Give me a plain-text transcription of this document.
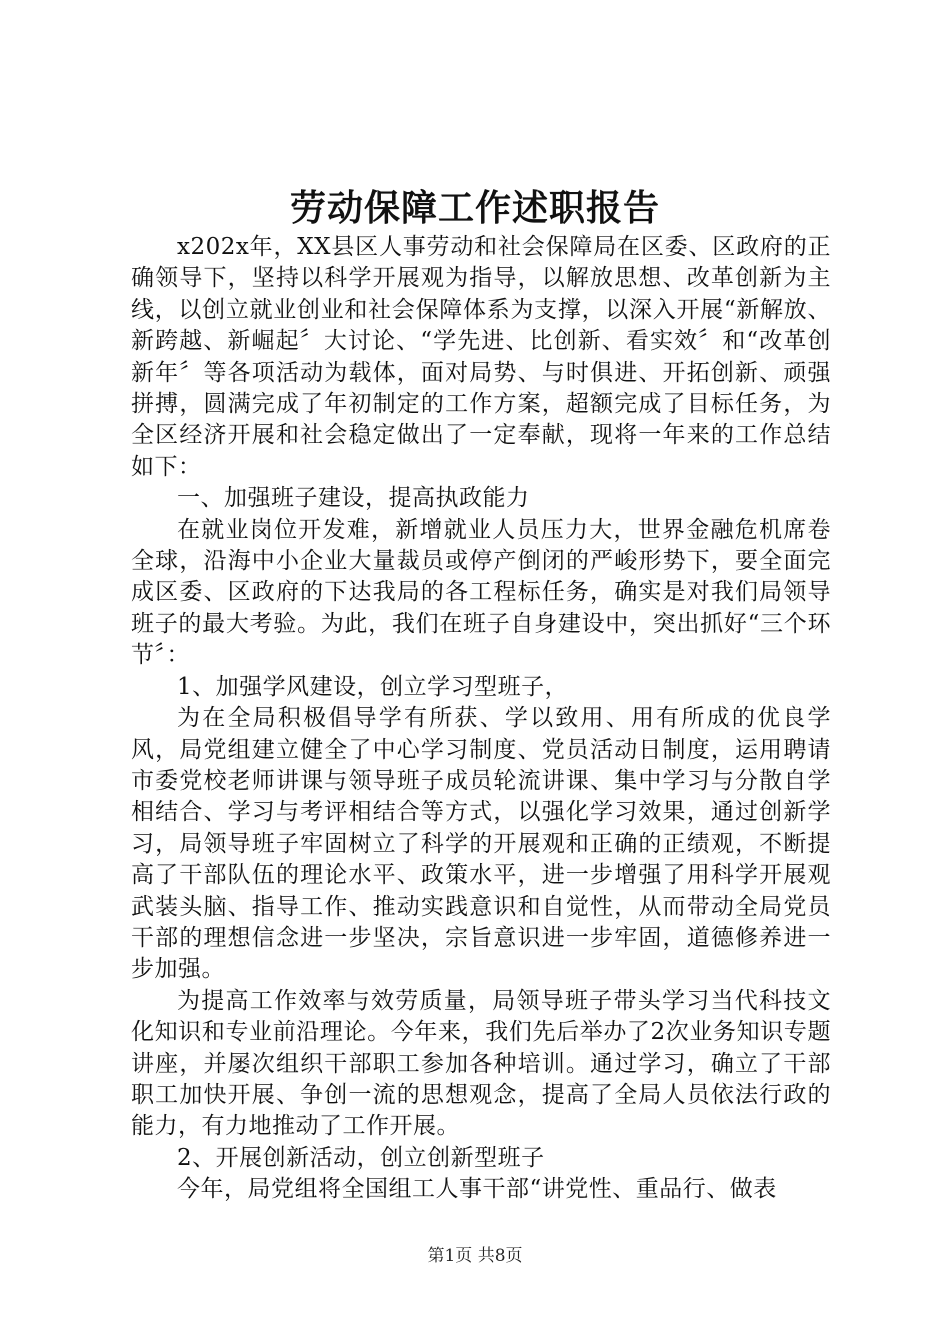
劳动保障工作述职报告

x202x年，XX县区人事劳动和社会保障局在区委、区政府的正确领导下，坚持以科学开展观为指导，以解放思想、改革创新为主线，以创立就业创业和社会保障体系为支撑，以深入开展“新解放、新跨越、新崛起〞大讨论、“学先进、比创新、看实效〞和“改革创新年〞等各项活动为载体，面对局势、与时俱进、开拓创新、顽强拼搏，圆满完成了年初制定的工作方案，超额完成了目标任务，为全区经济开展和社会稳定做出了一定奉献，现将一年来的工作总结如下：

一、加强班子建设，提高执政能力

在就业岗位开发难，新增就业人员压力大，世界金融危机席卷全球，沿海中小企业大量裁员或停产倒闭的严峻形势下，要全面完成区委、区政府的下达我局的各工程标任务，确实是对我们局领导班子的最大考验。为此，我们在班子自身建设中，突出抓好“三个环节〞：

1、加强学风建设，创立学习型班子，

为在全局积极倡导学有所获、学以致用、用有所成的优良学风，局党组建立健全了中心学习制度、党员活动日制度，运用聘请市委党校老师讲课与领导班子成员轮流讲课、集中学习与分散自学相结合、学习与考评相结合等方式，以强化学习效果，通过创新学习，局领导班子牢固树立了科学的开展观和正确的正绩观，不断提高了干部队伍的理论水平、政策水平，进一步增强了用科学开展观武装头脑、指导工作、推动实践意识和自觉性，从而带动全局党员干部的理想信念进一步坚决，宗旨意识进一步牢固，道德修养进一步加强。

为提高工作效率与效劳质量，局领导班子带头学习当代科技文化知识和专业前沿理论。今年来，我们先后举办了2次业务知识专题讲座，并屡次组织干部职工参加各种培训。通过学习，确立了干部职工加快开展、争创一流的思想观念，提高了全局人员依法行政的能力，有力地推动了工作开展。

2、开展创新活动，创立创新型班子

今年，局党组将全国组工人事干部“讲党性、重品行、做表

第1页 共8页
